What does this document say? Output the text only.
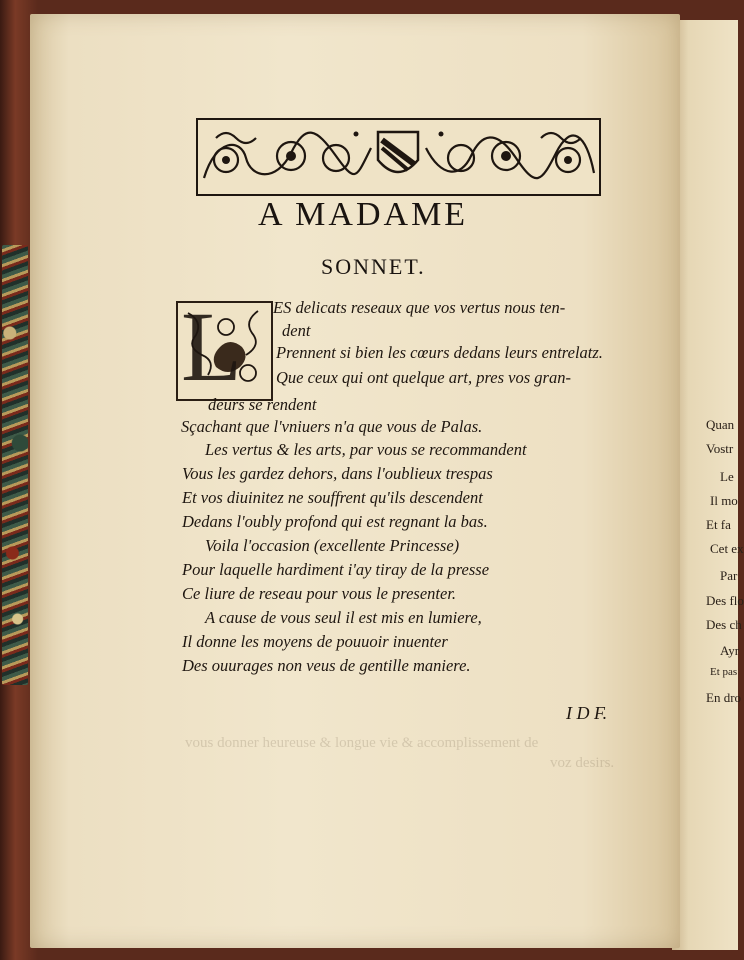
vous donner heureuse & longue vie & accomplissement de
voz desirs.
A MADAME
SONNET.
L ES delicats reseaux que vos vertus nous ten-

dent

Prennent si bien les cœurs dedans leurs entrelatz.

Que ceux qui ont quelque art, pres vos gran-

deurs se rendent

Sçachant que l'vniuers n'a que vous de Palas.

Les vertus & les arts, par vous se recommandent

Vous les gardez dehors, dans l'oublieux trespas

Et vos diuinitez ne souffrent qu'ils descendent

Dedans l'oubly profond qui est regnant la bas.

Voila l'occasion (excellente Princesse)

Pour laquelle hardiment i'ay tiray de la presse

Ce liure de reseau pour vous le presenter.

A cause de vous seul il est mis en lumiere,

Il donne les moyens de pouuoir inuenter

Des ouurages non veus de gentille maniere.

I D F.

Quan
Vostr
Le
Il mo
Et fa
Cet ex
Par
Des flo
Des ch
Ayr
Et pas
En dro
